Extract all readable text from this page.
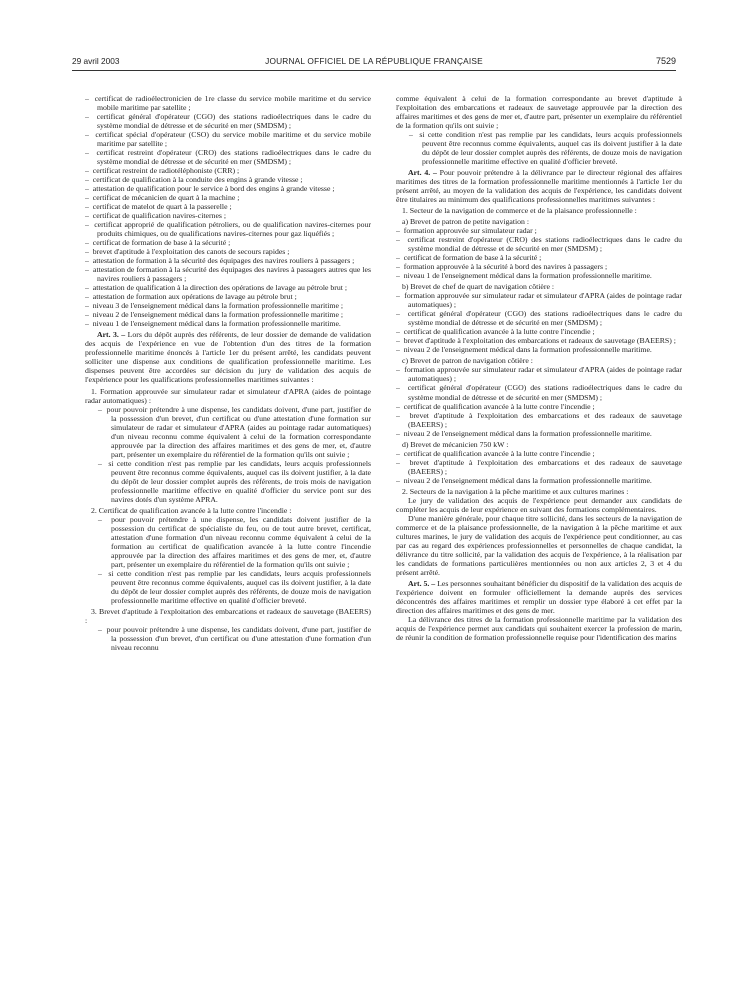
29 avril 2003	JOURNAL OFFICIEL DE LA RÉPUBLIQUE FRANÇAISE	7529

–  certificat de radioélectronicien de 1re classe du service mobile maritime et du service mobile maritime par satellite ;

–  certificat général d'opérateur (CGO) des stations radioélectriques dans le cadre du système mondial de détresse et de sécurité en mer (SMDSM) ;

–  certificat spécial d'opérateur (CSO) du service mobile maritime et du service mobile maritime par satellite ;

–  certificat restreint d'opérateur (CRO) des stations radioélectriques dans le cadre du système mondial de détresse et de sécurité en mer (SMDSM) ;

–  certificat restreint de radiotéléphoniste (CRR) ;

–  certificat de qualification à la conduite des engins à grande vitesse ;

–  attestation de qualification pour le service à bord des engins à grande vitesse ;

–  certificat de mécanicien de quart à la machine ;

–  certificat de matelot de quart à la passerelle ;

–  certificat de qualification navires-citernes ;

–  certificat approprié de qualification pétroliers, ou de qualification navires-citernes pour produits chimiques, ou de qualifications navires-citernes pour gaz liquéfiés ;

–  certificat de formation de base à la sécurité ;

–  brevet d'aptitude à l'exploitation des canots de secours rapides ;

–  attestation de formation à la sécurité des équipages des navires rouliers à passagers ;

–  attestation de formation à la sécurité des équipages des navires à passagers autres que les navires rouliers à passagers ;

–  attestation de qualification à la direction des opérations de lavage au pétrole brut ;

–  attestation de formation aux opérations de lavage au pétrole brut ;

–  niveau 3 de l'enseignement médical dans la formation professionnelle maritime ;

–  niveau 2 de l'enseignement médical dans la formation professionnelle maritime ;

–  niveau 1 de l'enseignement médical dans la formation professionnelle maritime.

Art. 3. – Lors du dépôt auprès des référents, de leur dossier de demande de validation des acquis de l'expérience en vue de l'obtention d'un des titres de la formation professionnelle maritime énoncés à l'article 1er du présent arrêté, les candidats peuvent solliciter une dispense aux conditions de qualification professionnelle maritime. Les dispenses peuvent être accordées sur décision du jury de validation des acquis de l'expérience pour les qualifications professionnelles maritimes suivantes :

1. Formation approuvée sur simulateur radar et simulateur d'APRA (aides de pointage radar automatiques) :

–  pour pouvoir prétendre à une dispense, les candidats doivent, d'une part, justifier de la possession d'un brevet, d'un certificat ou d'une attestation d'une formation sur simulateur de radar et simulateur d'APRA (aides au pointage radar automatiques) d'un niveau reconnu comme équivalent à celui de la formation correspondante approuvée par la direction des affaires maritimes et des gens de mer, et, d'autre part, présenter un exemplaire du référentiel de la formation qu'ils ont suivie ;

–  si cette condition n'est pas remplie par les candidats, leurs acquis professionnels peuvent être reconnus comme équivalents, auquel cas ils doivent justifier, à la date du dépôt de leur dossier complet auprès des référents, de trois mois de navigation professionnelle maritime effective en qualité d'officier du service pont sur des navires dotés d'un système APRA.

2. Certificat de qualification avancée à la lutte contre l'incendie :

–  pour pouvoir prétendre à une dispense, les candidats doivent justifier de la possession du certificat de spécialiste du feu, ou de tout autre brevet, certificat, attestation d'une formation d'un niveau reconnu comme équivalent à celui de la formation au certificat de qualification avancée à la lutte contre l'incendie approuvée par la direction des affaires maritimes et des gens de mer, et, d'autre part, présenter un exemplaire du référentiel de la formation qu'ils ont suivie ;

–  si cette condition n'est pas remplie par les candidats, leurs acquis professionnels peuvent être reconnus comme équivalents, auquel cas ils doivent justifier, à la date du dépôt de leur dossier complet auprès des référents, de douze mois de navigation professionnelle maritime effective en qualité d'officier breveté.

3. Brevet d'aptitude à l'exploitation des embarcations et radeaux de sauvetage (BAEERS) :

–  pour pouvoir prétendre à une dispense, les candidats doivent, d'une part, justifier de la possession d'un brevet, d'un certificat ou d'une attestation d'une formation d'un niveau reconnu

comme équivalent à celui de la formation correspondante au brevet d'aptitude à l'exploitation des embarcations et radeaux de sauvetage approuvée par la direction des affaires maritimes et des gens de mer et, d'autre part, présenter un exemplaire du référentiel de la formation qu'ils ont suivie ;

–  si cette condition n'est pas remplie par les candidats, leurs acquis professionnels peuvent être reconnus comme équivalents, auquel cas ils doivent justifier à la date du dépôt de leur dossier complet auprès des référents, de douze mois de navigation professionnelle maritime effective en qualité d'officier breveté.

Art. 4. – Pour pouvoir prétendre à la délivrance par le directeur régional des affaires maritimes des titres de la formation professionnelle maritime mentionnés à l'article 1er du présent arrêté, au moyen de la validation des acquis de l'expérience, les candidats doivent être titulaires au minimum des qualifications professionnelles maritimes suivantes :

1. Secteur de la navigation de commerce et de la plaisance professionnelle :

a) Brevet de patron de petite navigation :

–  formation approuvée sur simulateur radar ;

–  certificat restreint d'opérateur (CRO) des stations radioélectriques dans le cadre du système mondial de détresse et de sécurité en mer (SMDSM) ;

–  certificat de formation de base à la sécurité ;

–  formation approuvée à la sécurité à bord des navires à passagers ;

–  niveau 1 de l'enseignement médical dans la formation professionnelle maritime.

b) Brevet de chef de quart de navigation côtière :

–  formation approuvée sur simulateur radar et simulateur d'APRA (aides de pointage radar automatiques) ;

–  certificat général d'opérateur (CGO) des stations radioélectriques dans le cadre du système mondial de détresse et de sécurité en mer (SMDSM) ;

–  certificat de qualification avancée à la lutte contre l'incendie ;

–  brevet d'aptitude à l'exploitation des embarcations et radeaux de sauvetage (BAEERS) ;

–  niveau 2 de l'enseignement médical dans la formation professionnelle maritime.

c) Brevet de patron de navigation côtière :

–  formation approuvée sur simulateur radar et simulateur d'APRA (aides de pointage radar automatiques) ;

–  certificat général d'opérateur (CGO) des stations radioélectriques dans le cadre du système mondial de détresse et de sécurité en mer (SMDSM) ;

–  certificat de qualification avancée à la lutte contre l'incendie ;

–  brevet d'aptitude à l'exploitation des embarcations et des radeaux de sauvetage (BAEERS) ;

–  niveau 2 de l'enseignement médical dans la formation professionnelle maritime.

d) Brevet de mécanicien 750 kW :

–  certificat de qualification avancée à la lutte contre l'incendie ;

–  brevet d'aptitude à l'exploitation des embarcations et des radeaux de sauvetage (BAEERS) ;

–  niveau 2 de l'enseignement médical dans la formation professionnelle maritime.

2. Secteurs de la navigation à la pêche maritime et aux cultures marines :

Le jury de validation des acquis de l'expérience peut demander aux candidats de compléter les acquis de leur expérience en suivant des formations complémentaires.

D'une manière générale, pour chaque titre sollicité, dans les secteurs de la navigation de commerce et de la plaisance professionnelle, de la navigation à la pêche maritime et aux cultures marines, le jury de validation des acquis de l'expérience peut conditionner, au cas par cas au regard des expériences professionnelles et personnelles de chaque candidat, la délivrance du titre sollicité, par la validation des acquis de l'expérience, à la réalisation par les candidats de formations particulières mentionnées ou non aux articles 2, 3 et 4 du présent arrêté.

Art. 5. – Les personnes souhaitant bénéficier du dispositif de la validation des acquis de l'expérience doivent en formuler officiellement la demande auprès des services déconcentrés des affaires maritimes et remplir un dossier type élaboré à cet effet par la direction des affaires maritimes et des gens de mer.

La délivrance des titres de la formation professionnelle maritime par la validation des acquis de l'expérience permet aux candidats qui souhaitent exercer la profession de marin, de réunir la condition de formation professionnelle requise pour l'identification des marins
